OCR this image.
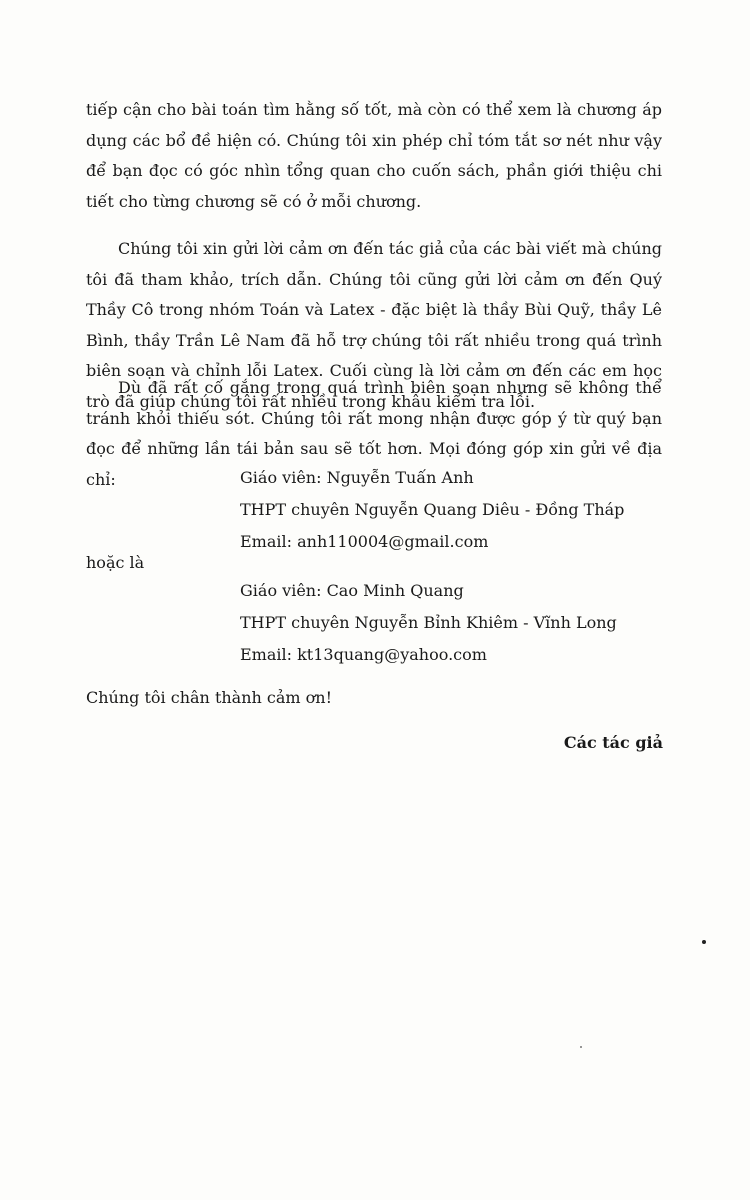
tiếp cận cho bài toán tìm hằng số tốt, mà còn có thể xem là chương áp dụng các bổ đề hiện có. Chúng tôi xin phép chỉ tóm tắt sơ nét như vậy để bạn đọc có góc nhìn tổng quan cho cuốn sách, phần giới thiệu chi tiết cho từng chương sẽ có ở mỗi chương.

Chúng tôi xin gửi lời cảm ơn đến tác giả của các bài viết mà chúng tôi đã tham khảo, trích dẫn. Chúng tôi cũng gửi lời cảm ơn đến Quý Thầy Cô trong nhóm Toán và Latex - đặc biệt là thầy Bùi Quỹ, thầy Lê Bình, thầy Trần Lê Nam đã hỗ trợ chúng tôi rất nhiều trong quá trình biên soạn và chỉnh lỗi Latex. Cuối cùng là lời cảm ơn đến các em học trò đã giúp chúng tôi rất nhiều trong khâu kiểm tra lỗi.

Dù đã rất cố gắng trong quá trình biên soạn nhưng sẽ không thể tránh khỏi thiếu sót. Chúng tôi rất mong nhận được góp ý từ quý bạn đọc để những lần tái bản sau sẽ tốt hơn. Mọi đóng góp xin gửi về địa chỉ:	Giáo viên: Nguyễn Tuấn Anh
THPT chuyên Nguyễn Quang Diêu - Đồng Tháp
Email: anh110004@gmail.com

hoặc là

Giáo viên: Cao Minh Quang
THPT chuyên Nguyễn Bỉnh Khiêm - Vĩnh Long
Email: kt13quang@yahoo.com

Chúng tôi chân thành cảm ơn!

Các tác giả
